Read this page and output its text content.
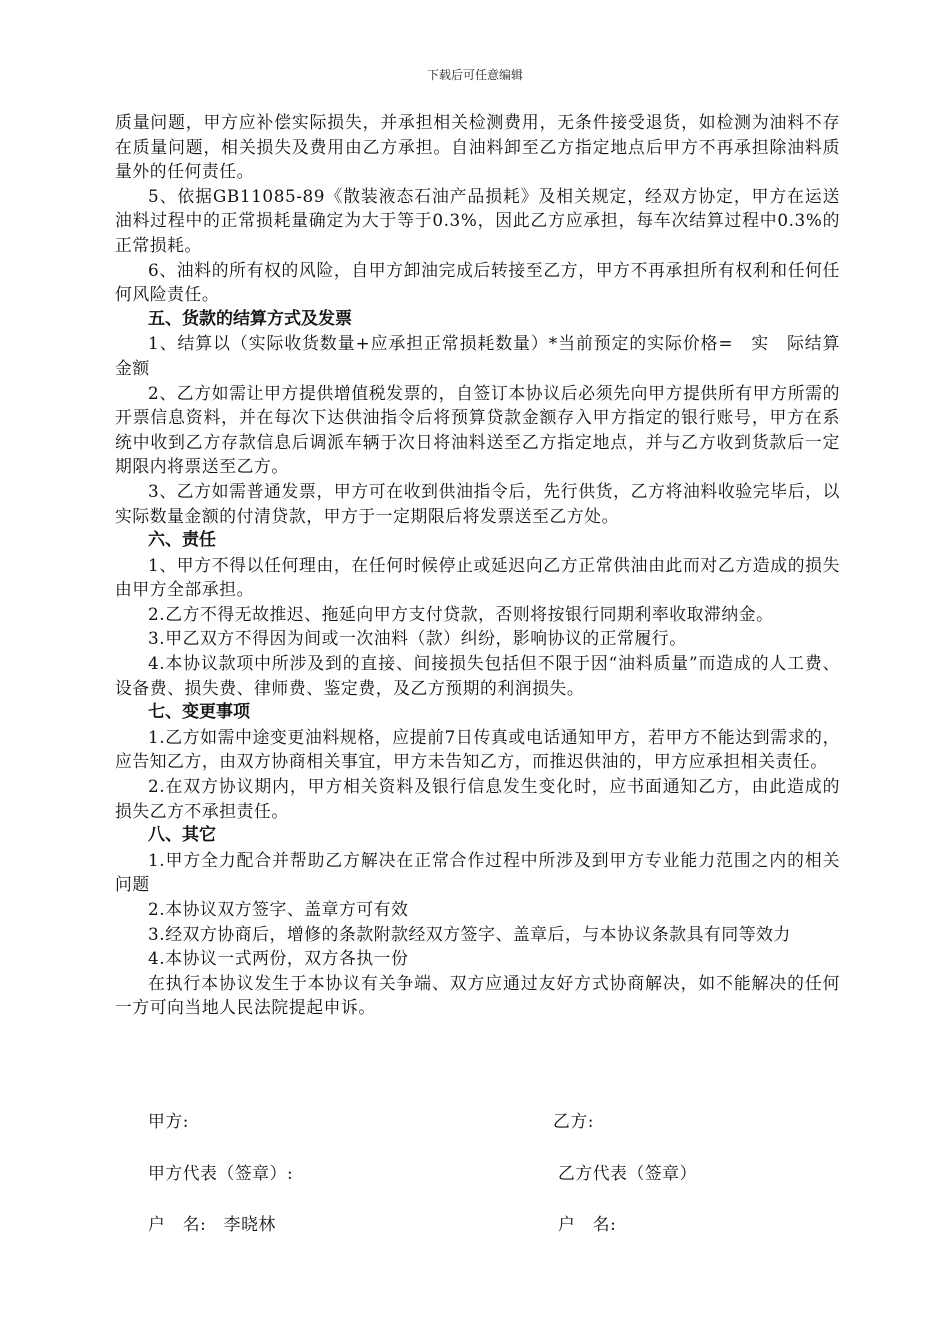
下载后可任意编辑

质量问题，甲方应补偿实际损失，并承担相关检测费用，无条件接受退货，如检测为油料不存在质量问题，相关损失及费用由乙方承担。自油料卸至乙方指定地点后甲方不再承担除油料质量外的任何责任。

5、依据GB11085-89《散装液态石油产品损耗》及相关规定，经双方协定，甲方在运送油料过程中的正常损耗量确定为大于等于0.3%，因此乙方应承担，每车次结算过程中0.3%的正常损耗。

6、油料的所有权的风险，自甲方卸油完成后转接至乙方，甲方不再承担所有权利和任何任何风险责任。

五、货款的结算方式及发票

1、结算以（实际收货数量+应承担正常损耗数量）*当前预定的实际价格=　实　际结算金额

2、乙方如需让甲方提供增值税发票的，自签订本协议后必须先向甲方提供所有甲方所需的开票信息资料，并在每次下达供油指令后将预算贷款金额存入甲方指定的银行账号，甲方在系统中收到乙方存款信息后调派车辆于次日将油料送至乙方指定地点，并与乙方收到货款后一定期限内将票送至乙方。

3、乙方如需普通发票，甲方可在收到供油指令后，先行供货，乙方将油料收验完毕后，以实际数量金额的付清贷款，甲方于一定期限后将发票送至乙方处。

六、责任

1、甲方不得以任何理由，在任何时候停止或延迟向乙方正常供油由此而对乙方造成的损失由甲方全部承担。

2.乙方不得无故推迟、拖延向甲方支付贷款，否则将按银行同期利率收取滞纳金。

3.甲乙双方不得因为间或一次油料（款）纠纷，影响协议的正常履行。

4.本协议款项中所涉及到的直接、间接损失包括但不限于因“油料质量”而造成的人工费、设备费、损失费、律师费、鉴定费，及乙方预期的利润损失。

七、变更事项

1.乙方如需中途变更油料规格，应提前7日传真或电话通知甲方，若甲方不能达到需求的，应告知乙方，由双方协商相关事宜，甲方未告知乙方，而推迟供油的，甲方应承担相关责任。

2.在双方协议期内，甲方相关资料及银行信息发生变化时，应书面通知乙方，由此造成的损失乙方不承担责任。

八、其它

1.甲方全力配合并帮助乙方解决在正常合作过程中所涉及到甲方专业能力范围之内的相关问题

2.本协议双方签字、盖章方可有效

3.经双方协商后，增修的条款附款经双方签字、盖章后，与本协议条款具有同等效力

4.本协议一式两份，双方各执一份

在执行本协议发生于本协议有关争端、双方应通过友好方式协商解决，如不能解决的任何一方可向当地人民法院提起申诉。

甲方:	乙方:
甲方代表（签章）:	乙方代表（签章）
户　名:　李晓林	户　名:
